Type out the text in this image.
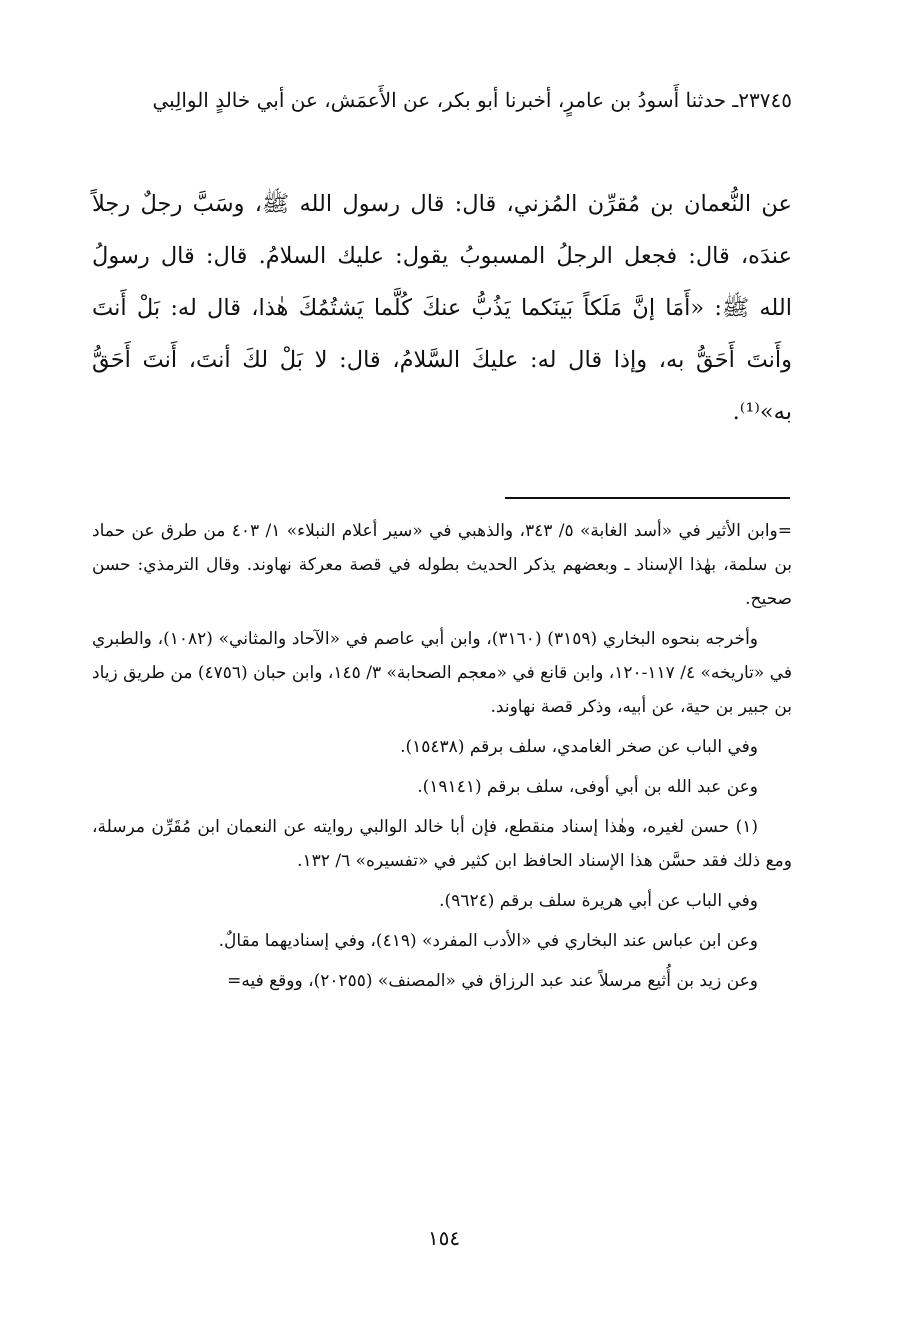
٢٣٧٤٥ـ حدثنا أَسودُ بن عامرٍ، أخبرنا أبو بكر، عن الأَعمَش، عن أبي خالدٍ الوالِبي
عن النُّعمان بن مُقرِّن المُزني، قال: قال رسول الله ﷺ، وسَبَّ رجلٌ رجلاً عندَه، قال: فجعل الرجلُ المسبوبُ يقول: عليك السلامُ. قال: قال رسولُ الله ﷺ: «أَمَا إنَّ مَلَكاً بَينَكما يَذُبُّ عنكَ كُلَّما يَشتُمُكَ هٰذا، قال له: بَلْ أَنتَ وأَنتَ أَحَقُّ به، وإذا قال له: عليكَ السَّلامُ، قال: لا بَلْ لكَ أنتَ، أَنتَ أَحَقُّ به»⁽¹⁾.

=وابن الأثير في «أسد الغابة» ٥/ ٣٤٣، والذهبي في «سير أعلام النبلاء» ١/ ٤٠٣ من طرق عن حماد بن سلمة، بهٰذا الإسناد ـ وبعضهم يذكر الحديث بطوله في قصة معركة نهاوند. وقال الترمذي: حسن صحيح.

وأخرجه بنحوه البخاري (٣١٥٩) (٣١٦٠)، وابن أبي عاصم في «الآحاد والمثاني» (١٠٨٢)، والطبري في «تاريخه» ٤/ ١١٧-١٢٠، وابن قانع في «معجم الصحابة» ٣/ ١٤٥، وابن حبان (٤٧٥٦) من طريق زياد بن جبير بن حية، عن أبيه، وذكر قصة نهاوند.

وفي الباب عن صخر الغامدي، سلف برقم (١٥٤٣٨).

وعن عبد الله بن أبي أوفى، سلف برقم (١٩١٤١).

(١) حسن لغيره، وهٰذا إسناد منقطع، فإن أبا خالد الوالبي روايته عن النعمان ابن مُقَرِّن مرسلة، ومع ذلك فقد حسَّن هذا الإسناد الحافظ ابن كثير في «تفسيره» ٦/ ١٣٢.

وفي الباب عن أبي هريرة سلف برقم (٩٦٢٤).

وعن ابن عباس عند البخاري في «الأدب المفرد» (٤١٩)، وفي إسناديهما مقالٌ.

وعن زيد بن أُثيع مرسلاً عند عبد الرزاق في «المصنف» (٢٠٢٥٥)، ووقع فيه=

١٥٤
